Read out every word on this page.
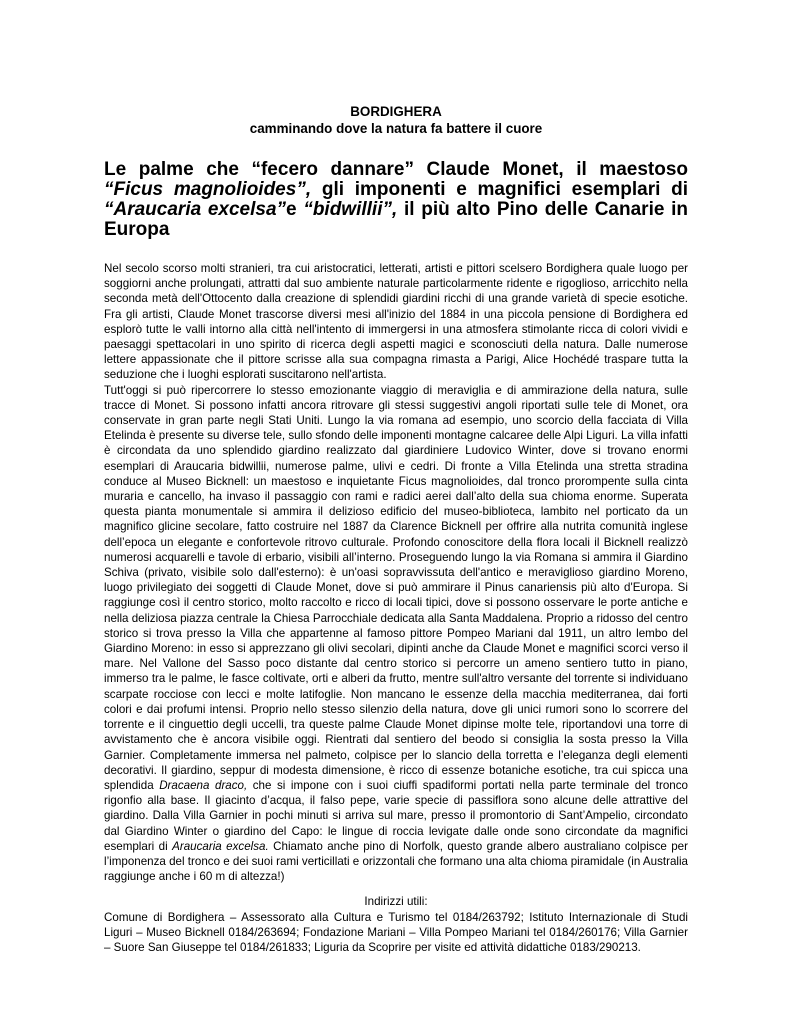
BORDIGHERA
camminando dove la natura fa battere il cuore
Le palme che “fecero dannare” Claude Monet, il maestoso “Ficus magnolioides”, gli imponenti e magnifici esemplari di “Araucaria excelsa”e “bidwillii”, il più alto Pino delle Canarie in Europa

Nel secolo scorso molti stranieri, tra cui aristocratici, letterati, artisti e pittori scelsero Bordighera quale luogo per soggiorni anche prolungati, attratti dal suo ambiente naturale particolarmente ridente e rigoglioso, arricchito nella seconda metà dell'Ottocento dalla creazione di splendidi giardini ricchi di una grande varietà di specie esotiche. Fra gli artisti, Claude Monet trascorse diversi mesi all'inizio del 1884 in una piccola pensione di Bordighera ed esplorò tutte le valli intorno alla città nell'intento di immergersi in una atmosfera stimolante ricca di colori vividi e paesaggi spettacolari in uno spirito di ricerca degli aspetti magici e sconosciuti della natura. Dalle numerose lettere appassionate che il pittore scrisse alla sua compagna rimasta a Parigi, Alice Hochédé traspare tutta la seduzione che i luoghi esplorati suscitarono nell'artista.

Tutt'oggi si può ripercorrere lo stesso emozionante viaggio di meraviglia e di ammirazione della natura, sulle tracce di Monet. Si possono infatti ancora ritrovare gli stessi suggestivi angoli riportati sulle tele di Monet, ora conservate in gran parte negli Stati Uniti. Lungo la via romana ad esempio, uno scorcio della facciata di Villa Etelinda è presente su diverse tele, sullo sfondo delle imponenti montagne calcaree delle Alpi Liguri. La villa infatti è circondata da uno splendido giardino realizzato dal giardiniere Ludovico Winter, dove si trovano enormi esemplari di Araucaria bidwillii, numerose palme, ulivi e cedri. Di fronte a Villa Etelinda una stretta stradina conduce al Museo Bicknell: un maestoso e inquietante Ficus magnolioides, dal tronco prorompente sulla cinta muraria e cancello, ha invaso il passaggio con rami e radici aerei dall’alto della sua chioma enorme. Superata questa pianta monumentale si ammira il delizioso edificio del museo-biblioteca, lambito nel porticato da un magnifico glicine secolare, fatto costruire nel 1887 da Clarence Bicknell per offrire alla nutrita comunità inglese dell’epoca un elegante e confortevole ritrovo culturale. Profondo conoscitore della flora locali il Bicknell realizzò numerosi acquarelli e tavole di erbario, visibili all’interno. Proseguendo lungo la via Romana si ammira il Giardino Schiva (privato, visibile solo dall'esterno): è un'oasi sopravvissuta dell'antico e meraviglioso giardino Moreno, luogo privilegiato dei soggetti di Claude Monet, dove si può ammirare il Pinus canariensis più alto d'Europa. Si raggiunge così il centro storico, molto raccolto e ricco di locali tipici, dove si possono osservare le porte antiche e nella deliziosa piazza centrale la Chiesa Parrocchiale dedicata alla Santa Maddalena. Proprio a ridosso del centro storico si trova presso la Villa che appartenne al famoso pittore Pompeo Mariani dal 1911, un altro lembo del Giardino Moreno: in esso si apprezzano gli olivi secolari, dipinti anche da Claude Monet e magnifici scorci verso il mare. Nel Vallone del Sasso poco distante dal centro storico si percorre un ameno sentiero tutto in piano, immerso tra le palme, le fasce coltivate, orti e alberi da frutto, mentre sull'altro versante del torrente si individuano scarpate rocciose con lecci e molte latifoglie. Non mancano le essenze della macchia mediterranea, dai forti colori e dai profumi intensi. Proprio nello stesso silenzio della natura, dove gli unici rumori sono lo scorrere del torrente e il cinguettio degli uccelli, tra queste palme Claude Monet dipinse molte tele, riportandovi una torre di avvistamento che è ancora visibile oggi. Rientrati dal sentiero del beodo si consiglia la sosta presso la Villa Garnier. Completamente immersa nel palmeto, colpisce per lo slancio della torretta e l’eleganza degli elementi decorativi. Il giardino, seppur di modesta dimensione, è ricco di essenze botaniche esotiche, tra cui spicca una splendida Dracaena draco, che si impone con i suoi ciuffi spadiformi portati nella parte terminale del tronco rigonfio alla base. Il giacinto d’acqua, il falso pepe, varie specie di passiflora sono alcune delle attrattive del giardino. Dalla Villa Garnier in pochi minuti si arriva sul mare, presso il promontorio di Sant’Ampelio, circondato dal Giardino Winter o giardino del Capo: le lingue di roccia levigate dalle onde sono circondate da magnifici esemplari di Araucaria excelsa. Chiamato anche pino di Norfolk, questo grande albero australiano colpisce per l’imponenza del tronco e dei suoi rami verticillati e orizzontali che formano una alta chioma piramidale (in Australia raggiunge anche i 60 m di altezza!)

Indirizzi utili:
Comune di Bordighera – Assessorato alla Cultura e Turismo tel 0184/263792; Istituto Internazionale di Studi Liguri – Museo Bicknell 0184/263694; Fondazione Mariani – Villa Pompeo Mariani tel 0184/260176; Villa Garnier – Suore San Giuseppe tel 0184/261833; Liguria da Scoprire per visite ed attività didattiche 0183/290213.
